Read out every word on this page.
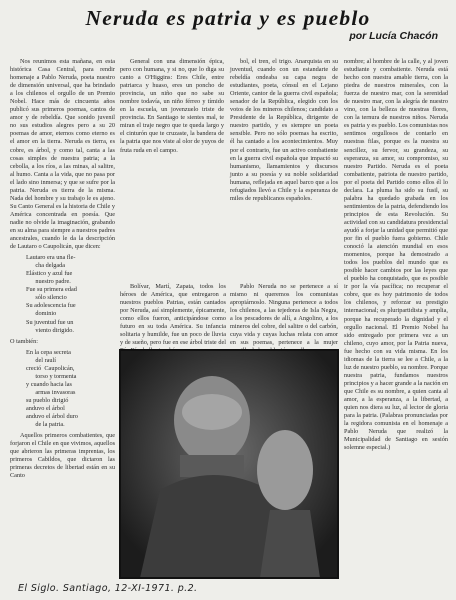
Neruda es patria y es pueblo
por Lucía Chacón

Nos reunimos esta mañana, en esta histórica Casa Central, para rendir homenaje a Pablo Neruda, poeta nuestro de dimensión universal, que ha brindado a los chilenos el orgullo de un Premio Nobel. Hace más de cincuenta años publicó sus primeros poemas, cantos de amor y de rebeldía. Que sonido juvenil no sus estudios alegres pero a su 20 poemas de amor, eternos como eterno es el amor en la tierra. Neruda es tierra, es cobre, es árbol, y como tal, canta a las cosas simples de nuestra patria; a la cebolla, a los ríos, a las minas, al salitre, al humo. Canta a la vida, que no pasa por el lado sino inmersa; y que se sufre por la patria. Neruda es tierra de la misma. Nada del hombre y su trabajo le es ajeno. Su Canto General es la historia de Chile y América concentrada en poesía. Que nadie no olvide la imaginación, grabando en su alma para siempre a nuestros padres ancestrales, cuando le da la descripción de Lautaro o Caupolicán, que dicen:

Lautaro era una fle-
cha delgada
Elástico y azul fue
nuestro padre.
Fue su primera edad
sólo silencio
Su adolescencia fue
dominio
Su juventud fue un
viento dirigido.

O también:

En la cepa secreta
del raulí
creció  Caupolicán,
torso y tormenta
y cuando hacia las
armas invasoras
su pueblo dirigió
anduvo el árbol
anduvo el árbol duro
de la patria.

Aquellos primeros combatientes, que forjaron el Chile en que vivimos, aquellos que abrieron las primeras imprentas, los primeros Cabildos, que dictaron las primeras decretos de libertad están en su Canto

General con una dimensión épica, pero con humana, y si no, que lo diga su canto a O'Higgins: Eres Chile, entre patriarca y huaso, eres un poncho de provincia, un niño que no sabe su nombre todavía, un niño férreo y tímido en la escuela, un jovenzuelo triste de provincia. En Santiago te sientes mal, te miran el traje negro que te queda largo y el cinturón que te cruzaste, la bandera de la patria que nos viste al olor de yuyos de fruta ruda en el campo.

bol, el tren, el trigo. Anarquista en su juventud, cuando con un estandarte de rebeldía ondeaba su capa negra de estudiantes, poeta, cónsul en el Lejano Oriente, cantor de la guerra civil española; senador de la República, elegido con los votos de los mineros chilenos; candidato a Presidente de la República, dirigente de nuestro partido, y es siempre un poeta sensible. Pero no sólo poemas ha escrito, él ha cantado a los acontecimientos. Muy por el contrario, fue un activo combatiente en la guerra civil española que impactó su humanismo, llamamientos y discursos junto a su poesía y su noble solidaridad humana, reflejada en aquel barco que a los refugiados llevó a Chile y la esperanza de miles de republicanos españoles.

Bolívar, Martí, Zapata, todos los héroes de América, que entregaron a nuestros pueblos Patrias, están cantados por Neruda, así simplemente, épicamente, como ellos fueron, anticipándose como futuro en su toda América. Su infancia solitaria y humilde, fue un poco de lluvia y de sueño, pero fue en ese árbol triste del

Pablo Neruda no se pertenece a sí mismo ni queremos los comunistas apropiárnoslo. Ninguna pertenece a todos los chilenos, a las tejedoras de Isla Negra, a los pescadores de allí, a Angolino, a los mineros del cobre, del salitre o del carbón, cuya vida y cuyas luchas relata con amor en sus poemas, pertenece a la mujer

nombre; al hombre de la calle, y al joven estudiante y combatiente. Neruda está hecho con nuestra amable tierra, con la piedra de nuestros minerales, con la fuerza de nuestro mar, con la serenidad de nuestro mar, con la alegría de nuestro vino, con la belleza de nuestras flores, con la ternura de nuestros niños. Neruda es patria y es pueblo. Los comunistas nos sentimos orgullosos de contarlo en nuestras filas, porque es la nuestra su sencillez, su fervor, su grandeza, su esperanza, su amor, su compromiso, su nuestro Partido. Neruda es el poeta combatiente, patriota de nuestro partido, por el poeta del Partido como ellos él lo declara. La pluma ha sido su fusil, su palabra ha quedado grabada en los sentimientos de la patria, defendiendo los principios de esta Revolución. Su actividad con su candidatura presidencial ayudó a forjar la unidad que permitió que por fin el pueblo fuera gobierno. Chile conoció la atención mundial en esos momentos, porque ha demostrado a todos los pueblos del mundo que es posible hacer cambios por las leyes que el pueblo ha conquistado, que es posible ir por la vía pacífica; no recuperar el cobre, que es hoy patrimonio de todos los chilenos, y reforzar su prestigio internacional; es pluripartidista y amplia, porque ha recuperado la dignidad y el orgullo nacional. El Premio Nobel ha sido entregado por primera vez a un chileno, cuyo amor, por la Patria nueva, fue hecho con su vida misma. En los idiomas de la tierra se lee a Chile, a la luz de nuestro pueblo, su nombre. Porque nuestra patria, fundamos nuestros principios y a hacer grande a la nación en que Chile es su nombre, a quien canta al amor, a la esperanza, a la libertad, a quien nos diera su luz, al lector de gloria para la patria. (Palabras pronunciadas por la regidora comunista en el homenaje a Pablo Neruda que realizó la Municipalidad de Santiago en sesión solemne especial.)

El Siglo. Santiago, 12-XI-1971. p.2.
